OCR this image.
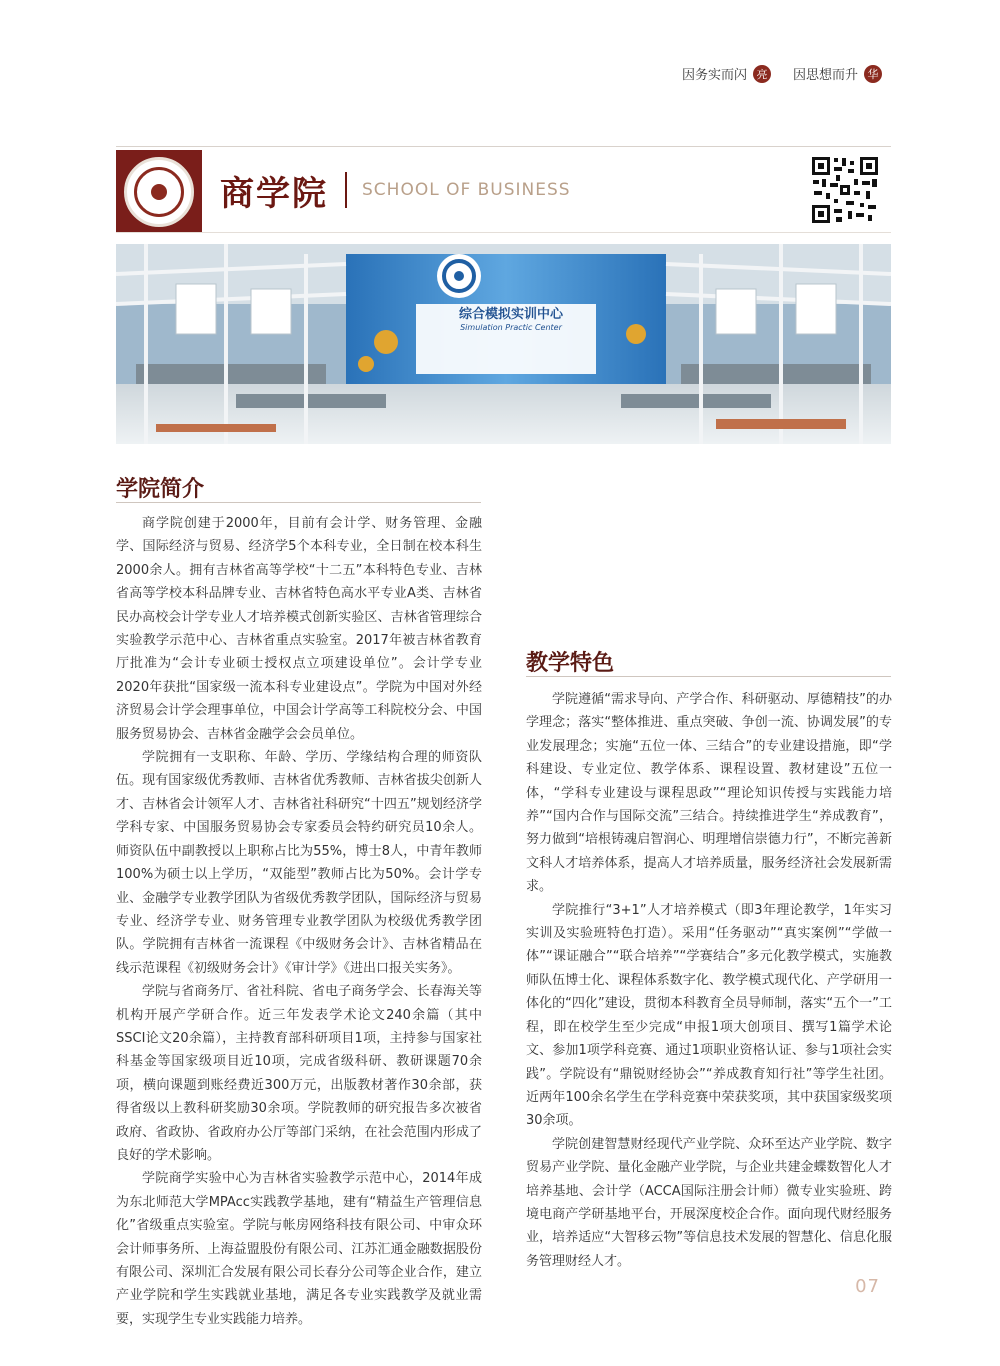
因务实而闪 亮 因思想而升 华
商学院 SCHOOL OF BUSINESS
综合模拟实训中心
Simulation Practic Center
学院简介

商学院创建于2000年，目前有会计学、财务管理、金融学、国际经济与贸易、经济学5个本科专业，全日制在校本科生2000余人。拥有吉林省高等学校“十二五”本科特色专业、吉林省高等学校本科品牌专业、吉林省特色高水平专业A类、吉林省民办高校会计学专业人才培养模式创新实验区、吉林省管理综合实验教学示范中心、吉林省重点实验室。2017年被吉林省教育厅批准为“会计专业硕士授权点立项建设单位”。会计学专业2020年获批“国家级一流本科专业建设点”。学院为中国对外经济贸易会计学会理事单位，中国会计学高等工科院校分会、中国服务贸易协会、吉林省金融学会会员单位。

学院拥有一支职称、年龄、学历、学缘结构合理的师资队伍。现有国家级优秀教师、吉林省优秀教师、吉林省拔尖创新人才、吉林省会计领军人才、吉林省社科研究“十四五”规划经济学学科专家、中国服务贸易协会专家委员会特约研究员10余人。师资队伍中副教授以上职称占比为55%，博士8人，中青年教师100%为硕士以上学历，“双能型”教师占比为50%。会计学专业、金融学专业教学团队为省级优秀教学团队，国际经济与贸易专业、经济学专业、财务管理专业教学团队为校级优秀教学团队。学院拥有吉林省一流课程《中级财务会计》、吉林省精品在线示范课程《初级财务会计》《审计学》《进出口报关实务》。

学院与省商务厅、省社科院、省电子商务学会、长春海关等机构开展产学研合作。近三年发表学术论文240余篇（其中SSCI论文20余篇），主持教育部科研项目1项，主持参与国家社科基金等国家级项目近10项，完成省级科研、教研课题70余项，横向课题到账经费近300万元，出版教材著作30余部，获得省级以上教科研奖励30余项。学院教师的研究报告多次被省政府、省政协、省政府办公厅等部门采纳，在社会范围内形成了良好的学术影响。

学院商学实验中心为吉林省实验教学示范中心，2014年成为东北师范大学MPAcc实践教学基地，建有“精益生产管理信息化”省级重点实验室。学院与帐房网络科技有限公司、中审众环会计师事务所、上海益盟股份有限公司、江苏汇通金融数据股份有限公司、深圳汇合发展有限公司长春分公司等企业合作，建立产业学院和学生实践就业基地，满足各专业实践教学及就业需要，实现学生专业实践能力培养。

教学特色

学院遵循“需求导向、产学合作、科研驱动、厚德精技”的办学理念；落实“整体推进、重点突破、争创一流、协调发展”的专业发展理念；实施“五位一体、三结合”的专业建设措施，即“学科建设、专业定位、教学体系、课程设置、教材建设”五位一体，“学科专业建设与课程思政”“理论知识传授与实践能力培养”“国内合作与国际交流”三结合。持续推进学生“养成教育”，努力做到“培根铸魂启智润心、明理增信崇德力行”，不断完善新文科人才培养体系，提高人才培养质量，服务经济社会发展新需求。

学院推行“3+1”人才培养模式（即3年理论教学，1年实习实训及实验班特色打造）。采用“任务驱动”“真实案例”“学做一体”“课证融合”“联合培养”“学赛结合”多元化教学模式，实施教师队伍博士化、课程体系数字化、教学模式现代化、产学研用一体化的“四化”建设，贯彻本科教育全员导师制，落实“五个一”工程，即在校学生至少完成“申报1项大创项目、撰写1篇学术论文、参加1项学科竞赛、通过1项职业资格认证、参与1项社会实践”。学院设有“鼎锐财经协会”“养成教育知行社”等学生社团。近两年100余名学生在学科竞赛中荣获奖项，其中获国家级奖项30余项。

学院创建智慧财经现代产业学院、众环至达产业学院、数字贸易产业学院、量化金融产业学院，与企业共建金蝶数智化人才培养基地、会计学（ACCA国际注册会计师）微专业实验班、跨境电商产学研基地平台，开展深度校企合作。面向现代财经服务业，培养适应“大智移云物”等信息技术发展的智慧化、信息化服务管理财经人才。

07
